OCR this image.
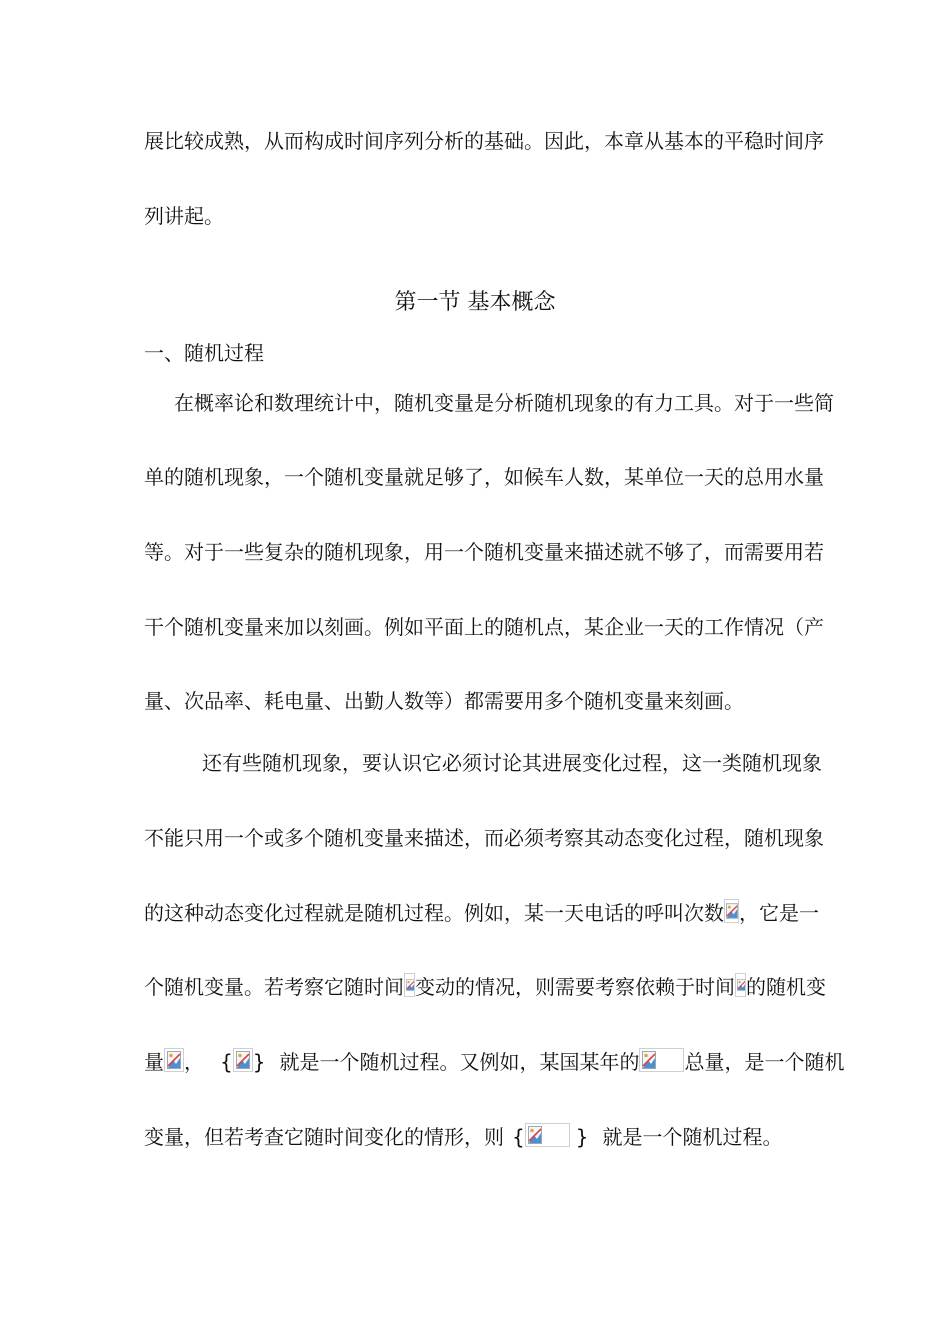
展比较成熟，从而构成时间序列分析的基础。因此，本章从基本的平稳时间序
列讲起。
第一节 基本概念
一、随机过程
在概率论和数理统计中，随机变量是分析随机现象的有力工具。对于一些简
单的随机现象，一个随机变量就足够了，如候车人数，某单位一天的总用水量
等。对于一些复杂的随机现象，用一个随机变量来描述就不够了，而需要用若
干个随机变量来加以刻画。例如平面上的随机点，某企业一天的工作情况（产
量、次品率、耗电量、出勤人数等）都需要用多个随机变量来刻画。
还有些随机现象，要认识它必须讨论其进展变化过程，这一类随机现象
不能只用一个或多个随机变量来描述，而必须考察其动态变化过程，随机现象
的这种动态变化过程就是随机过程。例如，某一天电话的呼叫次数 ，它是一
个随机变量。若考察它随时间 变动的情况，则需要考察依赖于时间 的随机变
量 ， { } 就是一个随机过程。又例如，某国某年的 总量，是一个随机
变量，但若考查它随时间变化的情形，则 {	} 就是一个随机过程。
